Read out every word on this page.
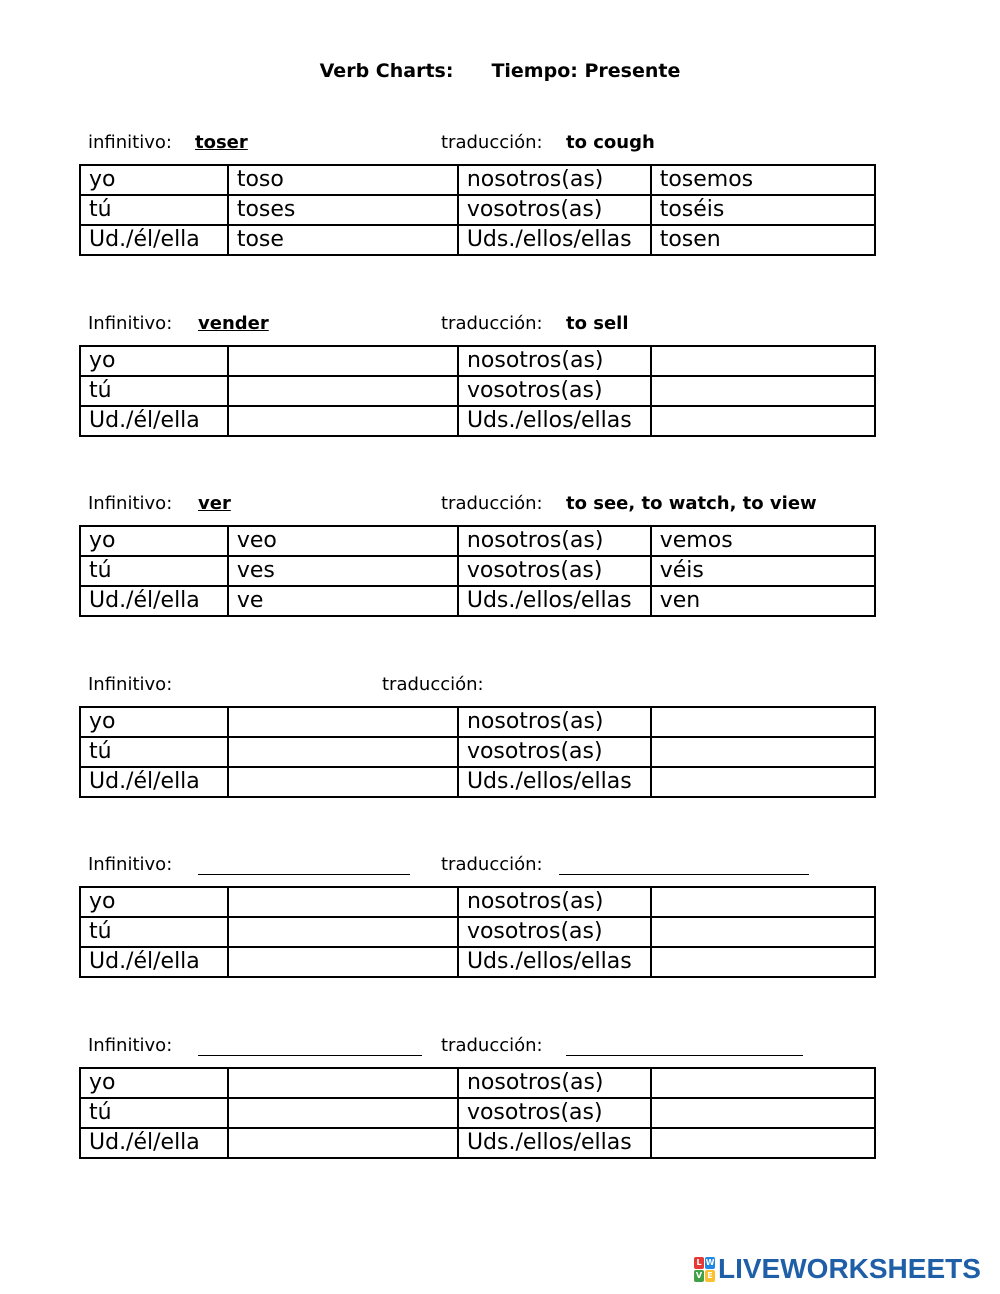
Verb Charts: Tiempo: Presente
infinitivo: toser	traducción: to cough
yo	toso	nosotros(as)	tosemos
tú	toses	vosotros(as)	toséis
Ud./él/ella	tose	Uds./ellos/ellas	tosen
Infinitivo: vender	traducción: to sell
yo		nosotros(as)	
tú		vosotros(as)	
Ud./él/ella		Uds./ellos/ellas	
Infinitivo: ver	traducción: to see, to watch, to view
yo	veo	nosotros(as)	vemos
tú	ves	vosotros(as)	véis
Ud./él/ella	ve	Uds./ellos/ellas	ven
Infinitivo:	traducción:
yo		nosotros(as)	
tú		vosotros(as)	
Ud./él/ella		Uds./ellos/ellas	
Infinitivo:	traducción:
yo		nosotros(as)	
tú		vosotros(as)	
Ud./él/ella		Uds./ellos/ellas	
Infinitivo:	traducción:
yo		nosotros(as)	
tú		vosotros(as)	
Ud./él/ella		Uds./ellos/ellas	
L W
V E LIVEWORKSHEETS
